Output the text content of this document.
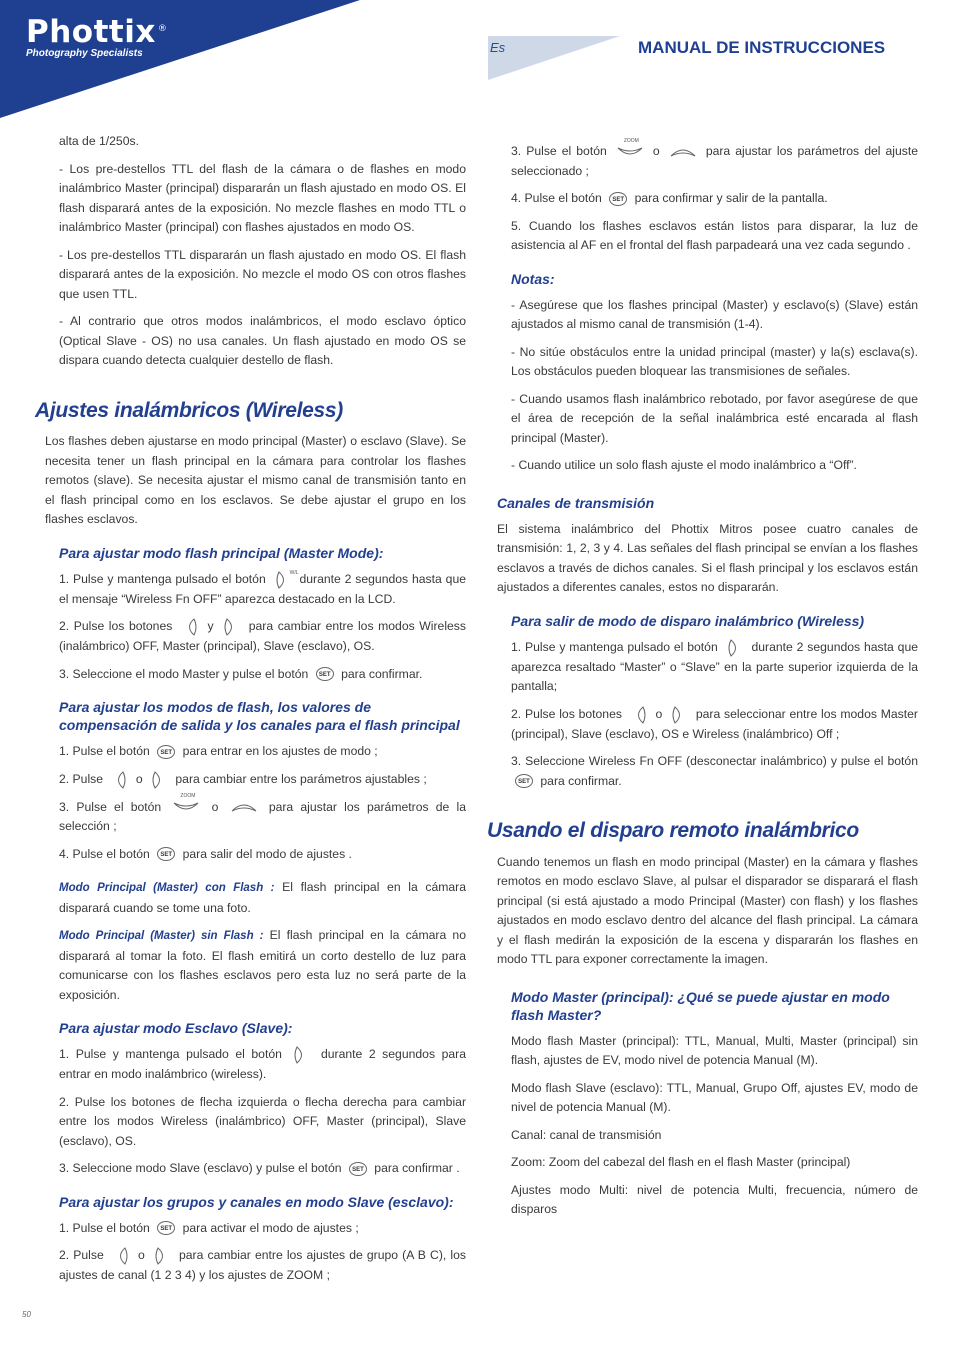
Phottix ®
Photography Specialists	Es	MANUAL DE INSTRUCCIONES

alta de 1/250s.

- Los pre-destellos TTL del flash de la cámara o de flashes en modo inalámbrico Master (principal) dispararán un flash ajustado en modo OS. El flash disparará antes de la exposición. No mezcle flashes en modo TTL o inalámbrico Master (principal) con flashes ajustados en modo OS.

- Los pre-destellos TTL dispararán un flash ajustado en modo OS. El flash disparará antes de la exposición. No mezcle el modo OS con otros flashes que usen TTL.

- Al contrario que otros modos inalámbricos, el modo esclavo óptico (Optical Slave - OS) no usa canales. Un flash ajustado en modo OS se dispara cuando detecta cualquier destello de flash.

Ajustes inalámbricos (Wireless)

Los flashes deben ajustarse en modo principal (Master) o esclavo (Slave). Se necesita tener un flash principal en la cámara para controlar los flashes remotos (slave). Se necesita ajustar el mismo canal de transmisión tanto en el flash principal como en los esclavos. Se debe ajustar el grupo en los flashes esclavos.

Para ajustar modo flash principal (Master Mode):

1. Pulse y mantenga pulsado el botón	W/L durante 2 segundos hasta que el mensaje “Wireless Fn OFF” aparezca destacado en la LCD.

2. Pulse los botones	y	para cambiar entre los modos Wireless (inalámbrico) OFF, Master (principal), Slave (esclavo), OS.

3. Seleccione el modo Master y pulse el botón SET para confirmar.

Para ajustar los modos de flash, los valores de compensación de salida y los canales para el flash principal

1. Pulse el botón SET para entrar en los ajustes de modo ;

2. Pulse	o	para cambiar entre los parámetros ajustables ;

3. Pulse el botón
ZOOM
o	para ajustar los parámetros de la selección ;

4. Pulse el botón SET para salir del modo de ajustes .

Modo Principal (Master) con Flash : El flash principal en la cámara disparará cuando se tome una foto.

Modo Principal (Master) sin Flash : El flash principal en la cámara no disparará al tomar la foto. El flash emitirá un corto destello de luz para comunicarse con los flashes esclavos pero esta luz no será parte de la exposición.

Para ajustar modo Esclavo (Slave):

1. Pulse y mantenga pulsado el botón	durante 2 segundos para entrar en modo inalámbrico (wireless).

2. Pulse los botones de flecha izquierda o flecha derecha para cambiar entre los modos Wireless (inalámbrico) OFF, Master (principal), Slave (esclavo), OS.

3. Seleccione modo Slave (esclavo) y pulse el botón SET para confirmar .

Para ajustar los grupos y canales en modo Slave (esclavo):

1. Pulse el botón SET para activar el modo de ajustes ;

2. Pulse	o	para cambiar entre los ajustes de grupo (A B C), los ajustes de canal (1 2 3 4) y los ajustes de ZOOM ;

3. Pulse el botón
ZOOM
o	para ajustar los parámetros del ajuste seleccionado ;

4. Pulse el botón SET para confirmar y salir de la pantalla.

5. Cuando los flashes esclavos están listos para disparar, la luz de asistencia al AF en el frontal del flash parpadeará una vez cada segundo .

Notas:

- Asegúrese que los flashes principal (Master) y esclavo(s) (Slave) están ajustados al mismo canal de transmisión (1-4).

- No sitúe obstáculos entre la unidad principal (master) y la(s) esclava(s). Los obstáculos pueden bloquear las transmisiones de señales.

- Cuando usamos flash inalámbrico rebotado, por favor asegúrese de que el área de recepción de la señal inalámbrica esté encarada al flash principal (Master).

- Cuando utilice un solo flash ajuste el modo inalámbrico a “Off”.

Canales de transmisión

El sistema inalámbrico del Phottix Mitros posee cuatro canales de transmisión: 1, 2, 3 y 4. Las señales del flash principal se envían a los flashes esclavos a través de dichos canales. Si el flash principal y los esclavos están ajustados a diferentes canales, estos no dispararán.

Para salir de modo de disparo inalámbrico (Wireless)

1. Pulse y mantenga pulsado el botón	durante 2 segundos hasta que aparezca resaltado “Master” o “Slave” en la parte superior izquierda de la pantalla;

2. Pulse los botones	o	para seleccionar entre los modos Master (principal), Slave (esclavo), OS e Wireless (inalámbrico) Off ;

3. Seleccione Wireless Fn OFF (desconectar inalámbrico) y pulse el botón SET para confirmar.

Usando el disparo remoto inalámbrico

Cuando tenemos un flash en modo principal (Master) en la cámara y flashes remotos en modo esclavo Slave, al pulsar el disparador se disparará el flash principal (si está ajustado a modo Principal (Master) con flash) y los flashes ajustados en modo esclavo dentro del alcance del flash principal. La cámara y el flash medirán la exposición de la escena y dispararán los flashes en modo TTL para exponer correctamente la imagen.

Modo Master (principal): ¿Qué se puede ajustar en modo flash Master?

Modo flash Master (principal): TTL, Manual, Multi, Master (principal) sin flash, ajustes de EV, modo nivel de potencia Manual (M).

Modo flash Slave (esclavo): TTL, Manual, Grupo Off, ajustes EV, modo de nivel de potencia Manual (M).

Canal: canal de transmisión

Zoom: Zoom del cabezal del flash en el flash Master (principal)

Ajustes modo Multi: nivel de potencia Multi, frecuencia, número de disparos

50
